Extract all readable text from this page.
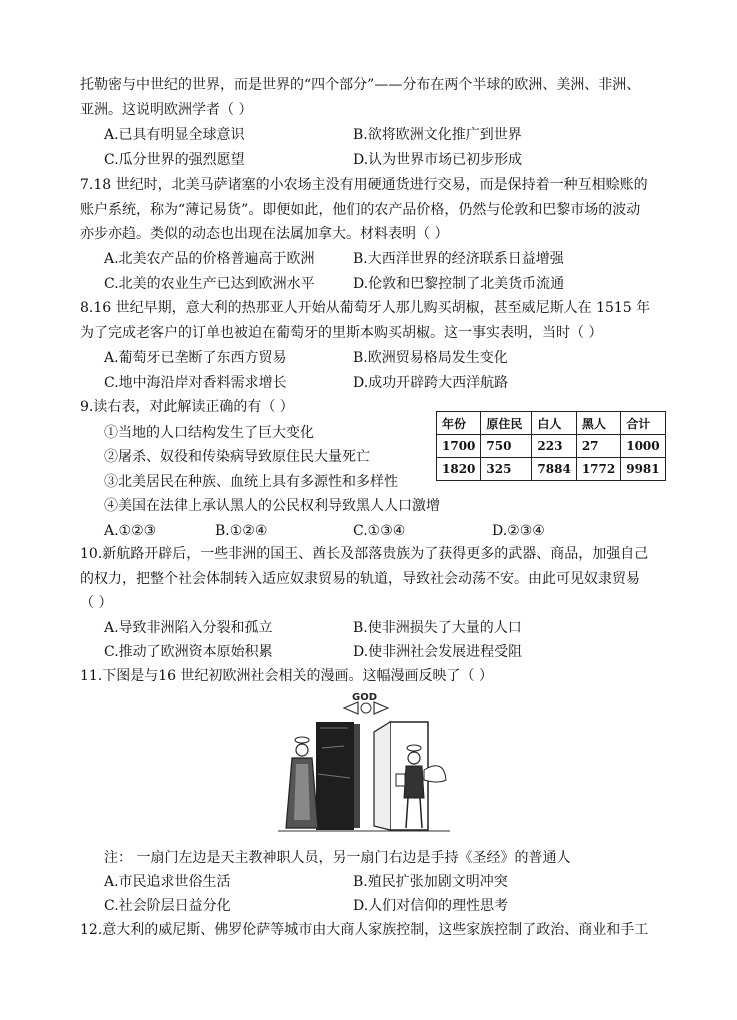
托勒密与中世纪的世界，而是世界的“四个部分”——分布在两个半球的欧洲、美洲、非洲、
亚洲。这说明欧洲学者（ ）
A.已具有明显全球意识	B.欲将欧洲文化推广到世界
C.瓜分世界的强烈愿望	D.认为世界市场已初步形成
7.18 世纪时，北美马萨诸塞的小农场主没有用硬通货进行交易，而是保持着一种互相赊账的
账户系统，称为“薄记易货”。即便如此，他们的农产品价格，仍然与伦敦和巴黎市场的波动
亦步亦趋。类似的动态也出现在法属加拿大。材料表明（ ）
A.北美农产品的价格普遍高于欧洲	B.大西洋世界的经济联系日益增强
C.北美的农业生产已达到欧洲水平	D.伦敦和巴黎控制了北美货币流通
8.16 世纪早期，意大利的热那亚人开始从葡萄牙人那儿购买胡椒，甚至威尼斯人在 1515 年
为了完成老客户的订单也被迫在葡萄牙的里斯本购买胡椒。这一事实表明，当时（ ）
A.葡萄牙已垄断了东西方贸易	B.欧洲贸易格局发生变化
C.地中海沿岸对香料需求增长	D.成功开辟跨大西洋航路
9.读右表，对此解读正确的有（ ）
①当地的人口结构发生了巨大变化
②屠杀、奴役和传染病导致原住民大量死亡
③北美居民在种族、血统上具有多源性和多样性
④美国在法律上承认黑人的公民权利导致黑人人口激增
A.①②③	B.①②④	C.①③④	D.②③④
年份	原住民	白人	黑人	合计
1700	750	223	27	1000
1820	325	7884	1772	9981
10.新航路开辟后，一些非洲的国王、酋长及部落贵族为了获得更多的武器、商品，加强自己
的权力，把整个社会体制转入适应奴隶贸易的轨道，导致社会动荡不安。由此可见奴隶贸易
（ ）
A.导致非洲陷入分裂和孤立	B.使非洲损失了大量的人口
C.推动了欧洲资本原始积累	D.使非洲社会发展进程受阻
11.下图是与16 世纪初欧洲社会相关的漫画。这幅漫画反映了（ ）
GOD
注： 一扇门左边是天主教神职人员，另一扇门右边是手持《圣经》的普通人
A.市民追求世俗生活	B.殖民扩张加剧文明冲突
C.社会阶层日益分化	D.人们对信仰的理性思考
12.意大利的威尼斯、佛罗伦萨等城市由大商人家族控制，这些家族控制了政治、商业和手工
